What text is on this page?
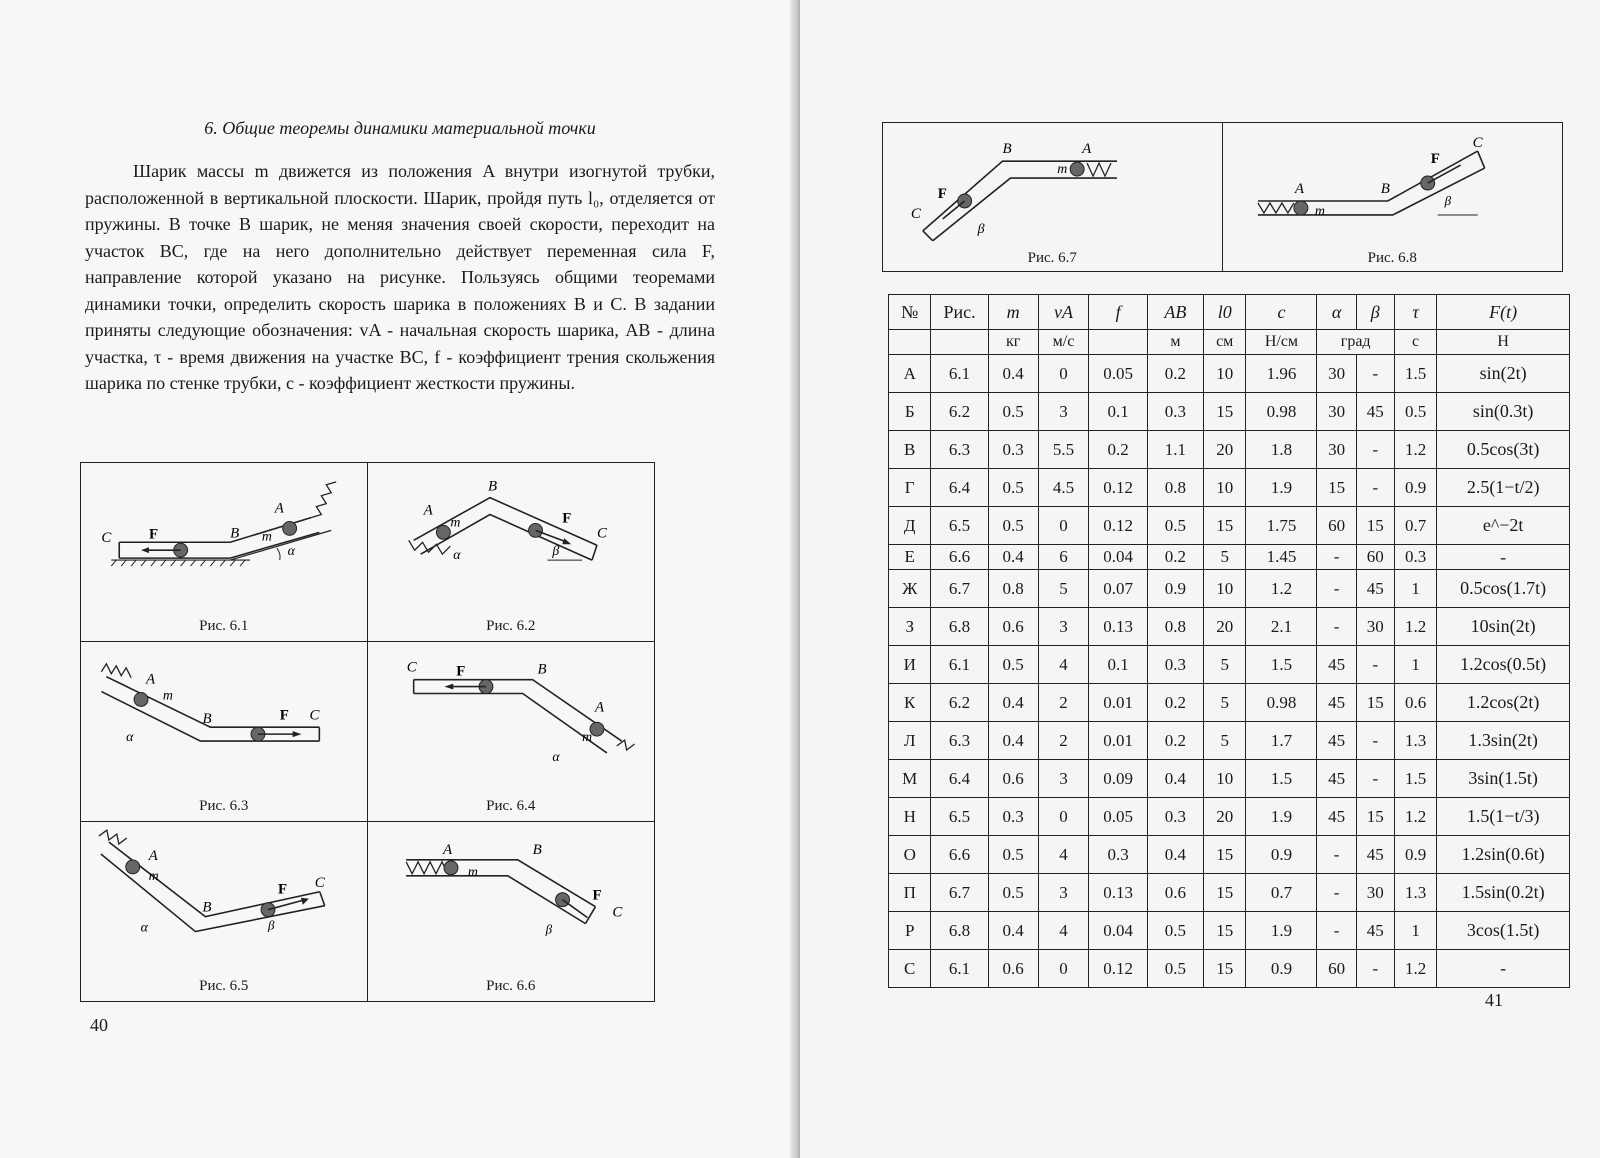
6. Общие теоремы динамики материальной точки

Шарик массы m движется из положения A внутри изогнутой трубки, расположенной в вертикальной плоскости. Шарик, пройдя путь l₀, отделяется от пружины. В точке B шарик, не меняя значения своей скорости, переходит на участок BC, где на него дополнительно действует переменная сила F, направление которой указано на рисунке. Пользуясь общими теоремами динамики точки, определить скорость шарика в положениях B и C. В задании приняты следующие обозначения: vA - начальная скорость шарика, AB - длина участка, τ - время движения на участке BC, f - коэффициент трения скольжения шарика по стенке трубки, c - коэффициент жесткости пружины.

C	F	B
A
m
α
Рис. 6.1
A
m
B
F
C
α	β
Рис. 6.2
A
m
B	F C
α
Рис. 6.3
C	F	B
A
m
α
Рис. 6.4
A
m
B
F C
α	β
Рис. 6.5
A
m
B
F
C
β
Рис. 6.6
40
B	A
m
F
C
β
Рис. 6.7
A
m
B
F
C
β
Рис. 6.8
№	Рис.	m	vA	f	AB	l0	c	α	β	τ	F(t)
		кг	м/с		м	см	Н/см	град		с	Н
А	6.1	0.4	0	0.05	0.2	10	1.96	30	-	1.5	sin(2t)
Б	6.2	0.5	3	0.1	0.3	15	0.98	30	45	0.5	sin(0.3t)
В	6.3	0.3	5.5	0.2	1.1	20	1.8	30	-	1.2	0.5cos(3t)
Г	6.4	0.5	4.5	0.12	0.8	10	1.9	15	-	0.9	2.5(1−t/2)
Д	6.5	0.5	0	0.12	0.5	15	1.75	60	15	0.7	e^−2t
Е	6.6	0.4	6	0.04	0.2	5	1.45	-	60	0.3	-
Ж	6.7	0.8	5	0.07	0.9	10	1.2	-	45	1	0.5cos(1.7t)
З	6.8	0.6	3	0.13	0.8	20	2.1	-	30	1.2	10sin(2t)
И	6.1	0.5	4	0.1	0.3	5	1.5	45	-	1	1.2cos(0.5t)
К	6.2	0.4	2	0.01	0.2	5	0.98	45	15	0.6	1.2cos(2t)
Л	6.3	0.4	2	0.01	0.2	5	1.7	45	-	1.3	1.3sin(2t)
М	6.4	0.6	3	0.09	0.4	10	1.5	45	-	1.5	3sin(1.5t)
Н	6.5	0.3	0	0.05	0.3	20	1.9	45	15	1.2	1.5(1−t/3)
О	6.6	0.5	4	0.3	0.4	15	0.9	-	45	0.9	1.2sin(0.6t)
П	6.7	0.5	3	0.13	0.6	15	0.7	-	30	1.3	1.5sin(0.2t)
Р	6.8	0.4	4	0.04	0.5	15	1.9	-	45	1	3cos(1.5t)
С	6.1	0.6	0	0.12	0.5	15	0.9	60	-	1.2	-
41
